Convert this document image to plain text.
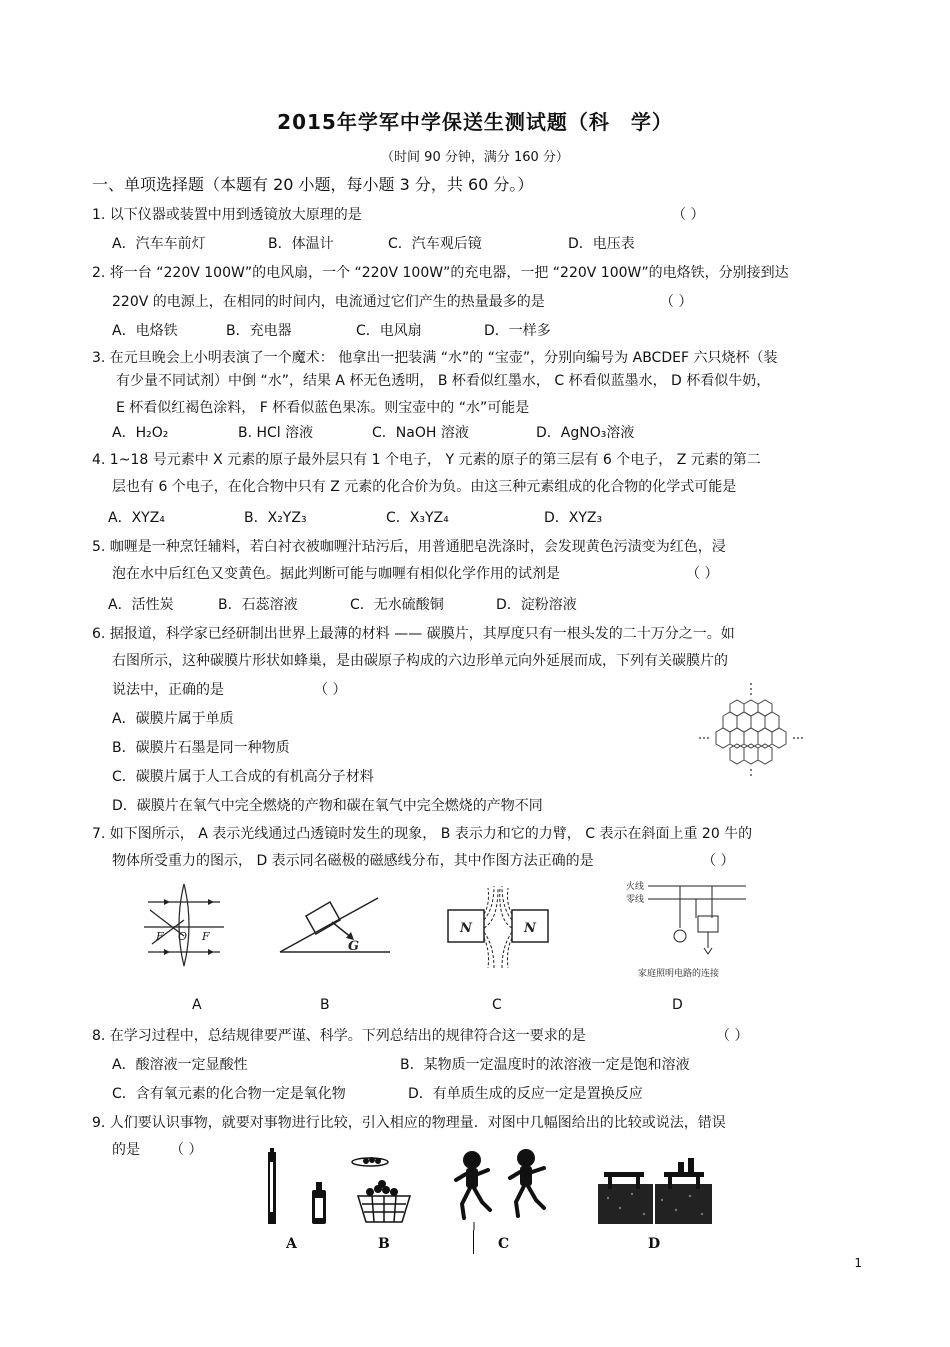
2015年学军中学保送生测试题（科　学）
（时间 90 分钟，满分 160 分）
一、单项选择题（本题有 20 小题，每小题 3 分，共 60 分。）
1. 以下仪器或装置中用到透镜放大原理的是	（ ）
A．汽车车前灯	B．体温计	C．汽车观后镜	D．电压表
2. 将一台 “220V 100W”的电风扇，一个 “220V 100W”的充电器，一把 “220V 100W”的电烙铁，分别接到达
220V 的电源上，在相同的时间内，电流通过它们产生的热量最多的是	（ ）
A．电烙铁	B．充电器	C．电风扇	D．一样多
3. 在元旦晚会上小明表演了一个魔术： 他拿出一把装满 “水”的 “宝壶”，分别向编号为 ABCDEF 六只烧杯（装
有少量不同试剂）中倒 “水”，结果 A 杯无色透明， B 杯看似红墨水， C 杯看似蓝墨水， D 杯看似牛奶，
E 杯看似红褐色涂料， F 杯看似蓝色果冻。则宝壶中的 “水”可能是
A．H₂O₂	B. HCl 溶液	C．NaOH 溶液	D．AgNO₃溶液
4. 1~18 号元素中 X 元素的原子最外层只有 1 个电子， Y 元素的原子的第三层有 6 个电子， Z 元素的第二
层也有 6 个电子，在化合物中只有 Z 元素的化合价为负。由这三种元素组成的化合物的化学式可能是
A．XYZ₄	B．X₂YZ₃	C．X₃YZ₄	D．XYZ₃
5. 咖喱是一种烹饪辅料，若白衬衣被咖喱汁玷污后，用普通肥皂洗涤时，会发现黄色污渍变为红色，浸
泡在水中后红色又变黄色。据此判断可能与咖喱有相似化学作用的试剂是	（ ）
A．活性炭	B．石蕊溶液	C．无水硫酸铜	D．淀粉溶液
6. 据报道，科学家已经研制出世界上最薄的材料 —— 碳膜片，其厚度只有一根头发的二十万分之一。如
右图所示，这种碳膜片形状如蜂巢，是由碳原子构成的六边形单元向外延展而成，下列有关碳膜片的
说法中，正确的是	（ ）
A．碳膜片属于单质
B．碳膜片石墨是同一种物质
C．碳膜片属于人工合成的有机高分子材料
D．碳膜片在氧气中完全燃烧的产物和碳在氧气中完全燃烧的产物不同
7. 如下图所示， A 表示光线通过凸透镜时发生的现象， B 表示力和它的力臂， C 表示在斜面上重 20 牛的
物体所受重力的图示， D 表示同名磁极的磁感线分布，其中作图方法正确的是	（ ）
F O F
G
N	N
火线
零线
家庭照明电路的连接
A	B	C	D
8. 在学习过程中，总结规律要严谨、科学。下列总结出的规律符合这一要求的是	（ ）
A．酸溶液一定显酸性	B．某物质一定温度时的浓溶液一定是饱和溶液
C．含有氧元素的化合物一定是氧化物	D．有单质生成的反应一定是置换反应
9. 人们要认识事物，就要对事物进行比较，引入相应的物理量．对图中几幅图给出的比较或说法，错误
的是 （ ）
A	B	C	D
1
